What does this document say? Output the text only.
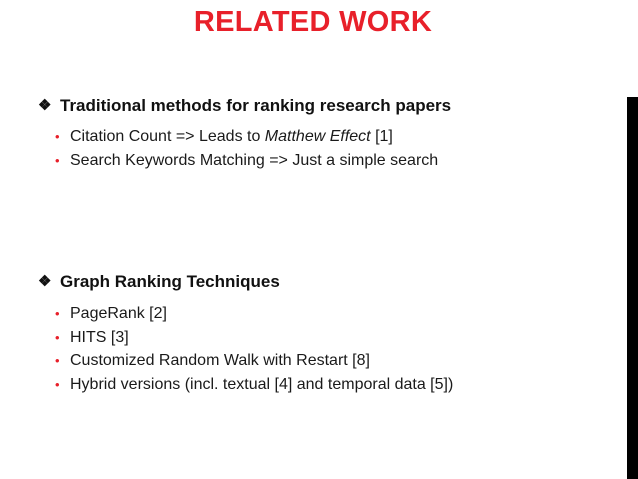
RELATED WORK
❖ Traditional methods for ranking research papers
• Citation Count => Leads to Matthew Effect [1]
• Search Keywords Matching => Just a simple search
❖ Graph Ranking Techniques
• PageRank [2]
• HITS [3]
• Customized Random Walk with Restart [8]
• Hybrid versions (incl. textual [4] and temporal data [5])
